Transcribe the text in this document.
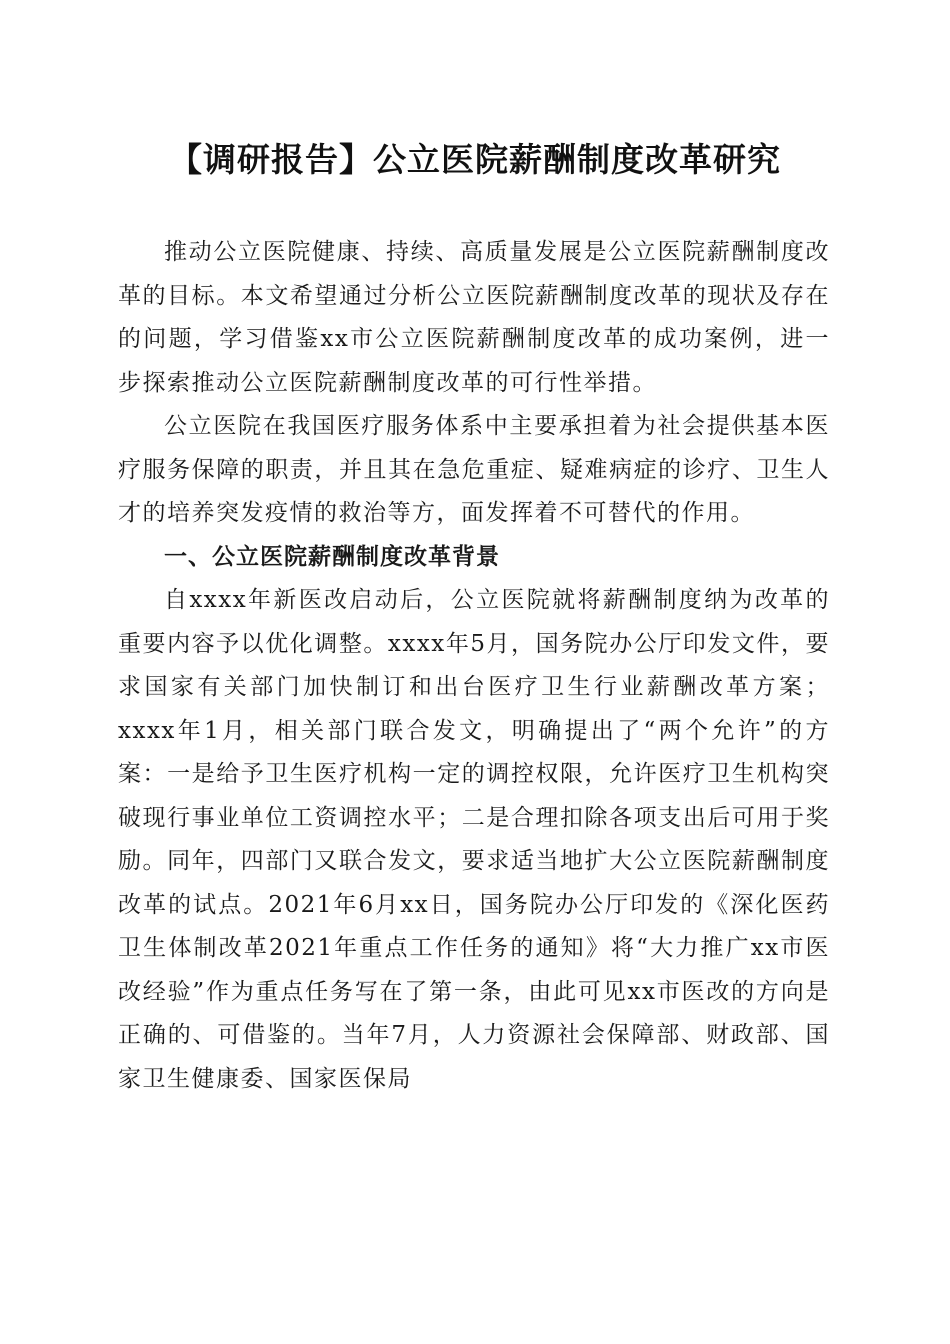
【调研报告】公立医院薪酬制度改革研究

推动公立医院健康、持续、高质量发展是公立医院薪酬制度改革的目标。本文希望通过分析公立医院薪酬制度改革的现状及存在的问题，学习借鉴xx市公立医院薪酬制度改革的成功案例，进一步探索推动公立医院薪酬制度改革的可行性举措。

公立医院在我国医疗服务体系中主要承担着为社会提供基本医疗服务保障的职责，并且其在急危重症、疑难病症的诊疗、卫生人才的培养突发疫情的救治等方，面发挥着不可替代的作用。

一、公立医院薪酬制度改革背景

自xxxx年新医改启动后，公立医院就将薪酬制度纳为改革的重要内容予以优化调整。xxxx年5月，国务院办公厅印发文件，要求国家有关部门加快制订和出台医疗卫生行业薪酬改革方案；xxxx年1月，相关部门联合发文，明确提出了“两个允许”的方案：一是给予卫生医疗机构一定的调控权限，允许医疗卫生机构突破现行事业单位工资调控水平；二是合理扣除各项支出后可用于奖励。同年，四部门又联合发文，要求适当地扩大公立医院薪酬制度改革的试点。2021年6月xx日，国务院办公厅印发的《深化医药卫生体制改革2021年重点工作任务的通知》将“大力推广xx市医改经验”作为重点任务写在了第一条，由此可见xx市医改的方向是正确的、可借鉴的。当年7月，人力资源社会保障部、财政部、国家卫生健康委、国家医保局
